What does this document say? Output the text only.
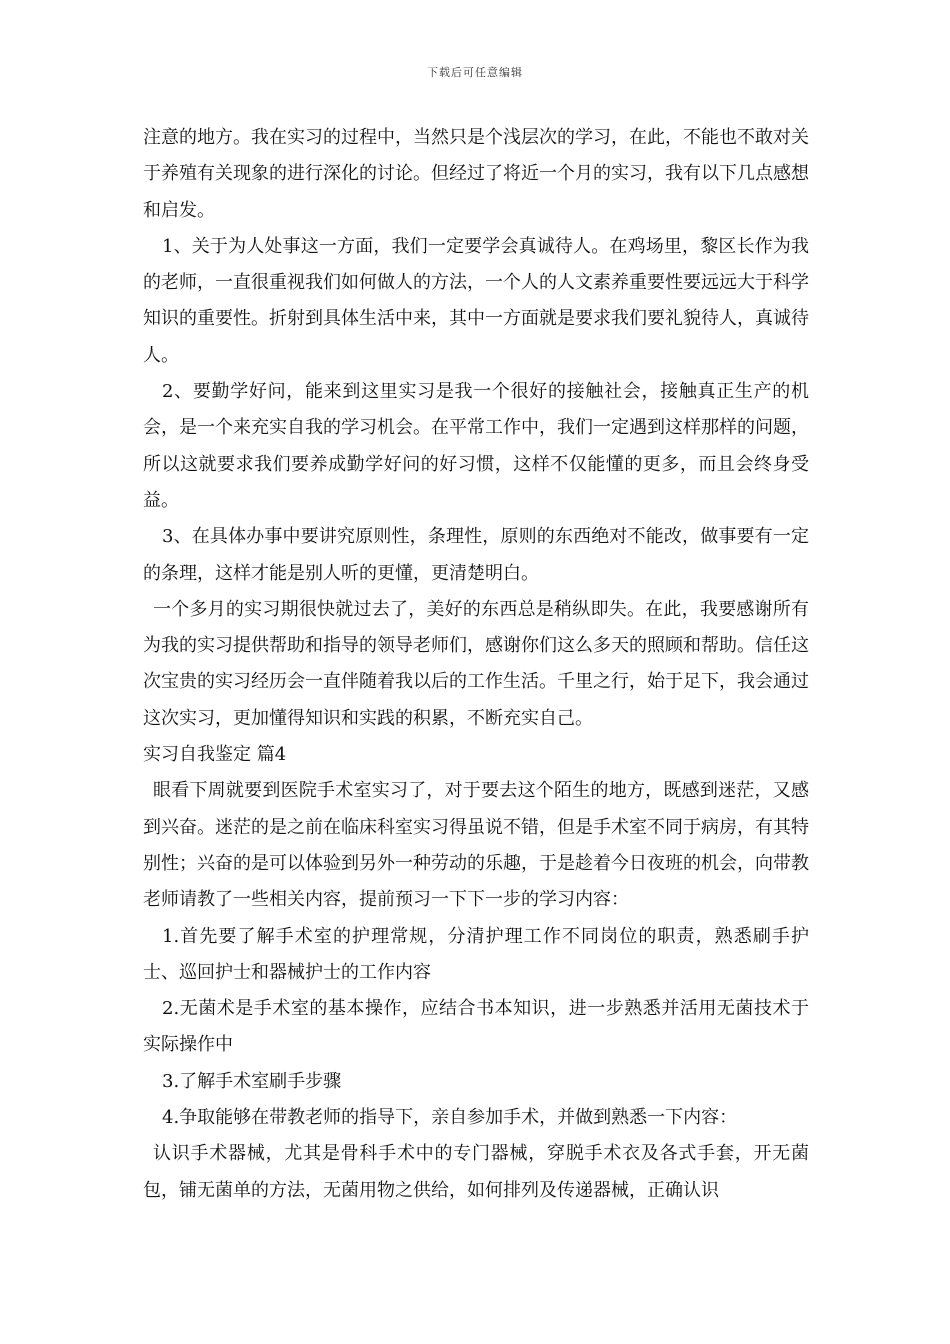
下载后可任意编辑

注意的地方。我在实习的过程中，当然只是个浅层次的学习，在此，不能也不敢对关于养殖有关现象的进行深化的讨论。但经过了将近一个月的实习，我有以下几点感想和启发。

1、关于为人处事这一方面，我们一定要学会真诚待人。在鸡场里，黎区长作为我的老师，一直很重视我们如何做人的方法，一个人的人文素养重要性要远远大于科学知识的重要性。折射到具体生活中来，其中一方面就是要求我们要礼貌待人，真诚待人。

2、要勤学好问，能来到这里实习是我一个很好的接触社会，接触真正生产的机会，是一个来充实自我的学习机会。在平常工作中，我们一定遇到这样那样的问题，所以这就要求我们要养成勤学好问的好习惯，这样不仅能懂的更多，而且会终身受益。

3、在具体办事中要讲究原则性，条理性，原则的东西绝对不能改，做事要有一定的条理，这样才能是别人听的更懂，更清楚明白。

一个多月的实习期很快就过去了，美好的东西总是稍纵即失。在此，我要感谢所有为我的实习提供帮助和指导的领导老师们，感谢你们这么多天的照顾和帮助。信任这次宝贵的实习经历会一直伴随着我以后的工作生活。千里之行，始于足下，我会通过这次实习，更加懂得知识和实践的积累，不断充实自己。

实习自我鉴定 篇4

眼看下周就要到医院手术室实习了，对于要去这个陌生的地方，既感到迷茫，又感到兴奋。迷茫的是之前在临床科室实习得虽说不错，但是手术室不同于病房，有其特别性；兴奋的是可以体验到另外一种劳动的乐趣，于是趁着今日夜班的机会，向带教老师请教了一些相关内容，提前预习一下下一步的学习内容：

1.首先要了解手术室的护理常规，分清护理工作不同岗位的职责，熟悉刷手护士、巡回护士和器械护士的工作内容

2.无菌术是手术室的基本操作，应结合书本知识，进一步熟悉并活用无菌技术于实际操作中

3.了解手术室刷手步骤

4.争取能够在带教老师的指导下，亲自参加手术，并做到熟悉一下内容：

认识手术器械，尤其是骨科手术中的专门器械，穿脱手术衣及各式手套，开无菌包，铺无菌单的方法，无菌用物之供给，如何排列及传递器械，正确认识
